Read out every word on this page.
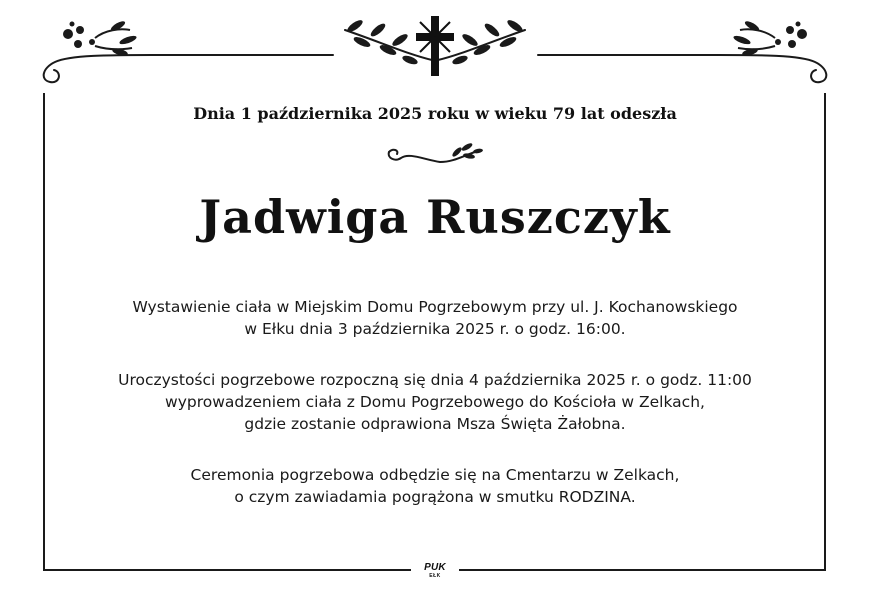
Dnia 1 października 2025 roku w wieku 79 lat odeszła
Jadwiga Ruszczyk
Wystawienie ciała w Miejskim Domu Pogrzebowym przy ul. J. Kochanowskiego
w Ełku dnia 3 października 2025 r. o godz. 16:00.
Uroczystości pogrzebowe rozpoczną się dnia 4 października 2025 r. o godz. 11:00
wyprowadzeniem ciała z Domu Pogrzebowego do Kościoła w Zelkach,
gdzie zostanie odprawiona Msza Święta Żałobna.
Ceremonia pogrzebowa odbędzie się na Cmentarzu w Zelkach,
o czym zawiadamia pogrążona w smutku RODZINA.
PUK
EŁK
